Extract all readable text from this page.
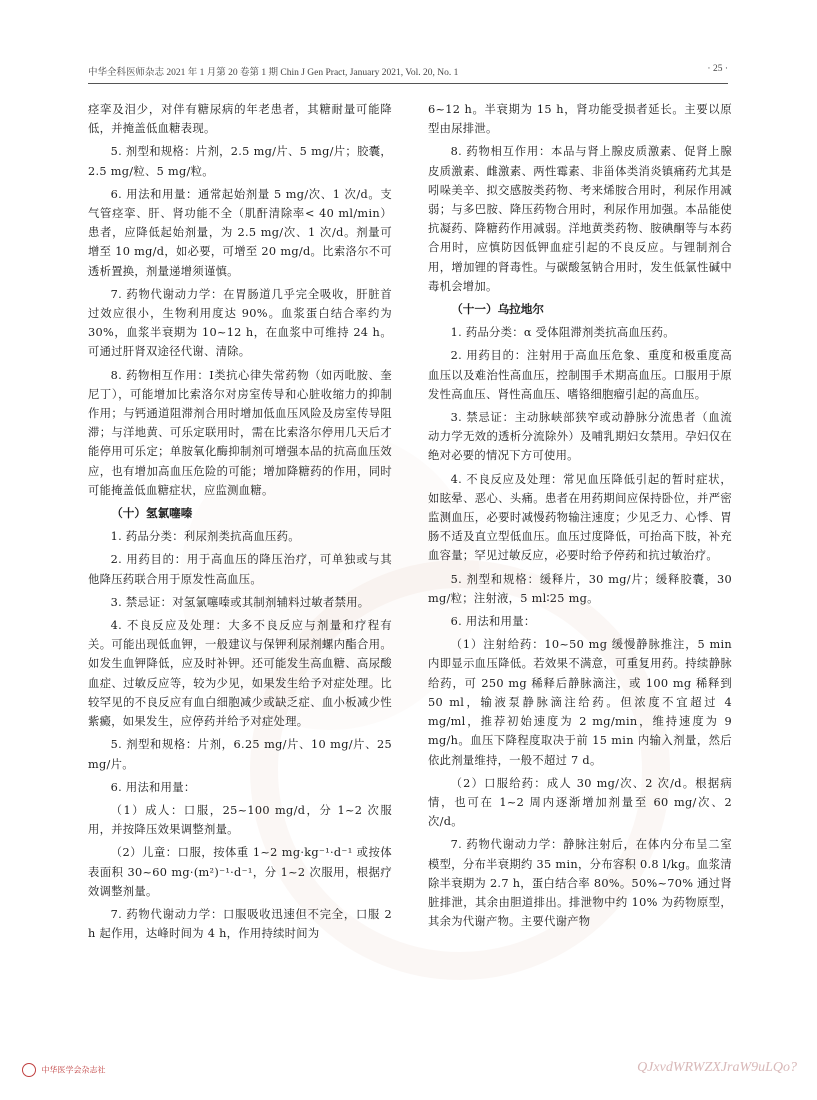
中华全科医师杂志 2021 年 1 月第 20 卷第 1 期 Chin J Gen Pract, January 2021, Vol. 20, No. 1	· 25 ·

痉挛及泪少，对伴有糖尿病的年老患者，其糖耐量可能降低，并掩盖低血糖表现。

5. 剂型和规格：片剂，2.5 mg/片、5 mg/片；胶囊，2.5 mg/粒、5 mg/粒。

6. 用法和用量：通常起始剂量 5 mg/次、1 次/d。支气管痉挛、肝、肾功能不全（肌酐清除率< 40 ml/min）患者，应降低起始剂量，为 2.5 mg/次、1 次/d。剂量可增至 10 mg/d，如必要，可增至 20 mg/d。比索洛尔不可透析置换，剂量递增须谨慎。

7. 药物代谢动力学：在胃肠道几乎完全吸收，肝脏首过效应很小，生物利用度达 90%。血浆蛋白结合率约为 30%，血浆半衰期为 10~12 h，在血浆中可维持 24 h。可通过肝肾双途径代谢、清除。

8. 药物相互作用：Ⅰ类抗心律失常药物（如丙吡胺、奎尼丁），可能增加比索洛尔对房室传导和心脏收缩力的抑制作用；与钙通道阻滞剂合用时增加低血压风险及房室传导阻滞；与洋地黄、可乐定联用时，需在比索洛尔停用几天后才能停用可乐定；单胺氧化酶抑制剂可增强本品的抗高血压效应，也有增加高血压危险的可能；增加降糖药的作用，同时可能掩盖低血糖症状，应监测血糖。

（十）氢氯噻嗪

1. 药品分类：利尿剂类抗高血压药。

2. 用药目的：用于高血压的降压治疗，可单独或与其他降压药联合用于原发性高血压。

3. 禁忌证：对氢氯噻嗪或其制剂辅料过敏者禁用。

4. 不良反应及处理：大多不良反应与剂量和疗程有关。可能出现低血钾，一般建议与保钾利尿剂螺内酯合用。如发生血钾降低，应及时补钾。还可能发生高血糖、高尿酸血症、过敏反应等，较为少见，如果发生给予对症处理。比较罕见的不良反应有血白细胞减少或缺乏症、血小板减少性紫癜，如果发生，应停药并给予对症处理。

5. 剂型和规格：片剂，6.25 mg/片、10 mg/片、25 mg/片。

6. 用法和用量：

（1）成人：口服，25~100 mg/d，分 1~2 次服用，并按降压效果调整剂量。

（2）儿童：口服，按体重 1~2 mg·kg⁻¹·d⁻¹ 或按体表面积 30~60 mg·(m²)⁻¹·d⁻¹，分 1~2 次服用，根据疗效调整剂量。

7. 药物代谢动力学：口服吸收迅速但不完全，口服 2 h 起作用，达峰时间为 4 h，作用持续时间为

6~12 h。半衰期为 15 h，肾功能受损者延长。主要以原型由尿排泄。

8. 药物相互作用：本品与肾上腺皮质激素、促肾上腺皮质激素、雌激素、两性霉素、非甾体类消炎镇痛药尤其是吲哚美辛、拟交感胺类药物、考来烯胺合用时，利尿作用减弱；与多巴胺、降压药物合用时，利尿作用加强。本品能使抗凝药、降糖药作用减弱。洋地黄类药物、胺碘酮等与本药合用时，应慎防因低钾血症引起的不良反应。与锂制剂合用，增加锂的肾毒性。与碳酸氢钠合用时，发生低氯性碱中毒机会增加。

（十一）乌拉地尔

1. 药品分类：α 受体阻滞剂类抗高血压药。

2. 用药目的：注射用于高血压危象、重度和极重度高血压以及难治性高血压，控制围手术期高血压。口服用于原发性高血压、肾性高血压、嗜铬细胞瘤引起的高血压。

3. 禁忌证：主动脉峡部狭窄或动静脉分流患者（血流动力学无效的透析分流除外）及哺乳期妇女禁用。孕妇仅在绝对必要的情况下方可使用。

4. 不良反应及处理：常见血压降低引起的暂时症状，如眩晕、恶心、头痛。患者在用药期间应保持卧位，并严密监测血压，必要时减慢药物输注速度；少见乏力、心悸、胃肠不适及直立型低血压。血压过度降低，可抬高下肢，补充血容量；罕见过敏反应，必要时给予停药和抗过敏治疗。

5. 剂型和规格：缓释片，30 mg/片；缓释胶囊，30 mg/粒；注射液，5 ml∶25 mg。

6. 用法和用量：

（1）注射给药：10~50 mg 缓慢静脉推注，5 min 内即显示血压降低。若效果不满意，可重复用药。持续静脉给药，可 250 mg 稀释后静脉滴注，或 100 mg 稀释到 50 ml，输液泵静脉滴注给药。但浓度不宜超过 4 mg/ml，推荐初始速度为 2 mg/min，维持速度为 9 mg/h。血压下降程度取决于前 15 min 内输入剂量，然后依此剂量维持，一般不超过 7 d。

（2）口服给药：成人 30 mg/次、2 次/d。根据病情，也可在 1~2 周内逐渐增加剂量至 60 mg/次、2 次/d。

7. 药物代谢动力学：静脉注射后，在体内分布呈二室模型，分布半衰期约 35 min，分布容积 0.8 l/kg。血浆清除半衰期为 2.7 h，蛋白结合率 80%。50%~70% 通过肾脏排泄，其余由胆道排出。排泄物中约 10% 为药物原型，其余为代谢产物。主要代谢产物

中华医学会杂志社	QJxvdWRWZXJraW9uLQo?
